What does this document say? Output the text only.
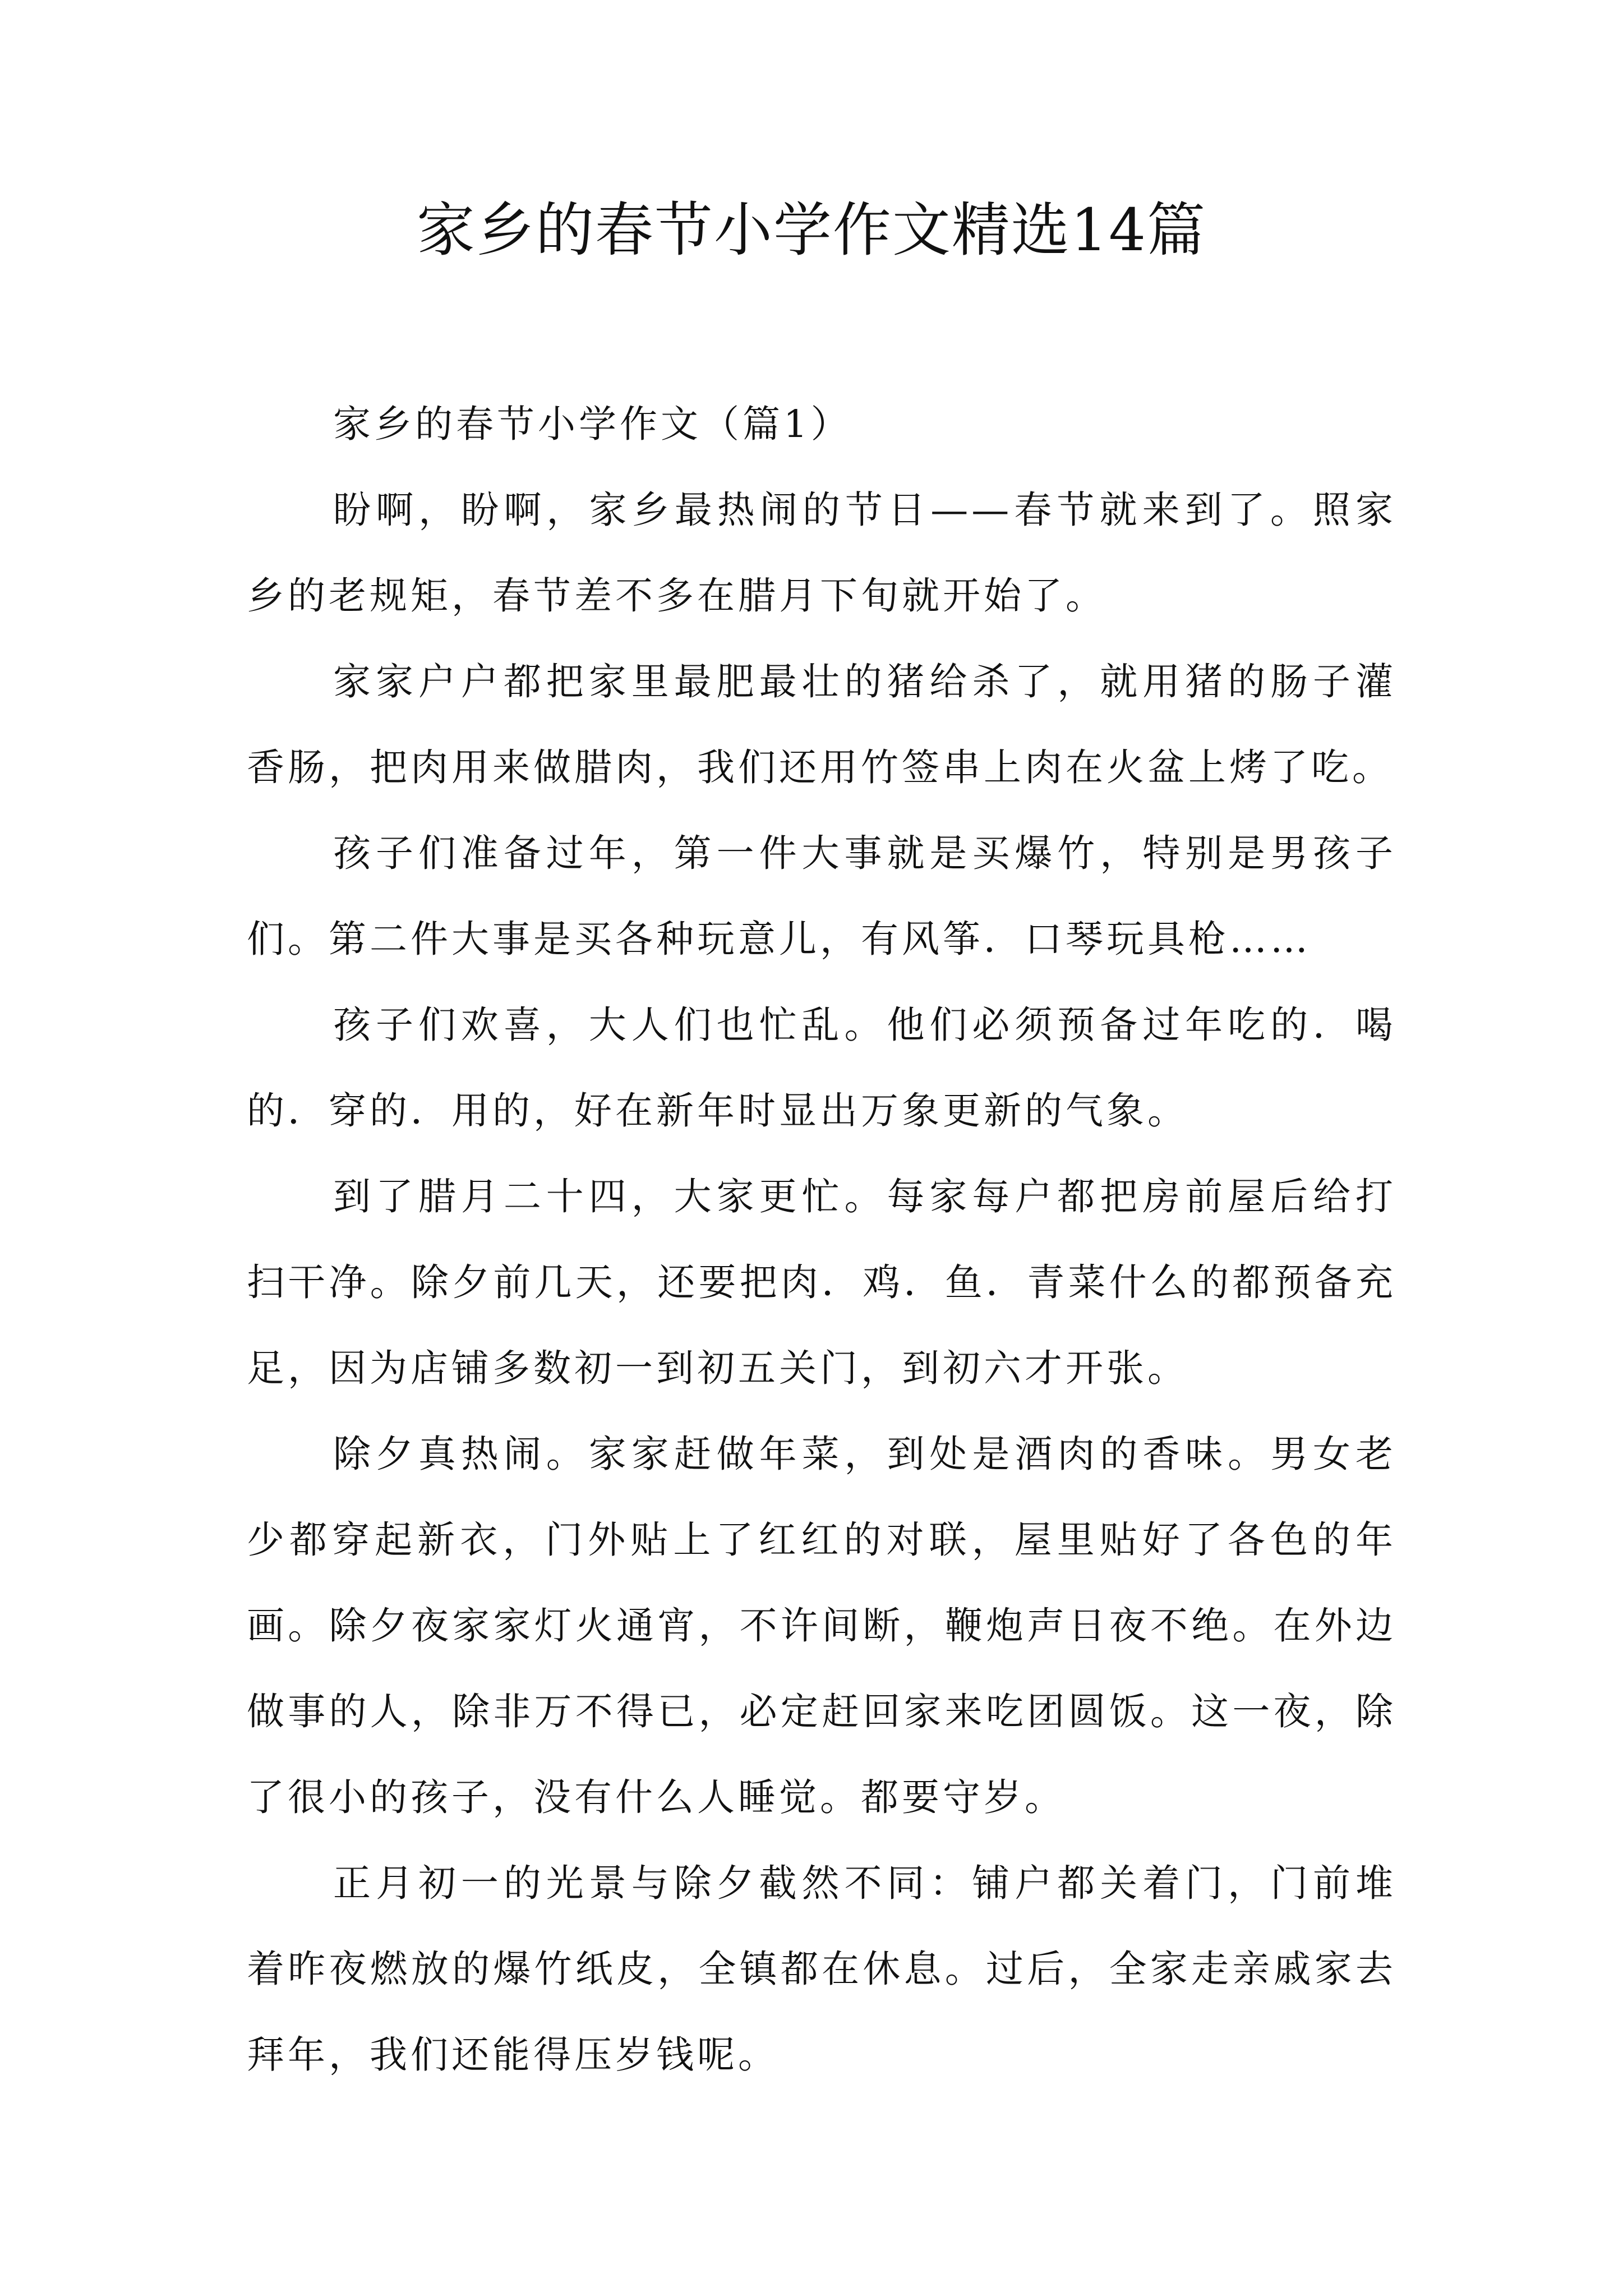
家乡的春节小学作文精选14篇

家乡的春节小学作文（篇1）

盼啊，盼啊，家乡最热闹的节日——春节就来到了。照家乡的老规矩，春节差不多在腊月下旬就开始了。

家家户户都把家里最肥最壮的猪给杀了，就用猪的肠子灌香肠，把肉用来做腊肉，我们还用竹签串上肉在火盆上烤了吃。

孩子们准备过年，第一件大事就是买爆竹，特别是男孩子们。第二件大事是买各种玩意儿，有风筝．口琴玩具枪……

孩子们欢喜，大人们也忙乱。他们必须预备过年吃的．喝的．穿的．用的，好在新年时显出万象更新的气象。

到了腊月二十四，大家更忙。每家每户都把房前屋后给打扫干净。除夕前几天，还要把肉．鸡．鱼．青菜什么的都预备充足，因为店铺多数初一到初五关门，到初六才开张。

除夕真热闹。家家赶做年菜，到处是酒肉的香味。男女老少都穿起新衣，门外贴上了红红的对联，屋里贴好了各色的年画。除夕夜家家灯火通宵，不许间断，鞭炮声日夜不绝。在外边做事的人，除非万不得已，必定赶回家来吃团圆饭。这一夜，除了很小的孩子，没有什么人睡觉。都要守岁。

正月初一的光景与除夕截然不同：铺户都关着门，门前堆着昨夜燃放的爆竹纸皮，全镇都在休息。过后，全家走亲戚家去拜年，我们还能得压岁钱呢。
